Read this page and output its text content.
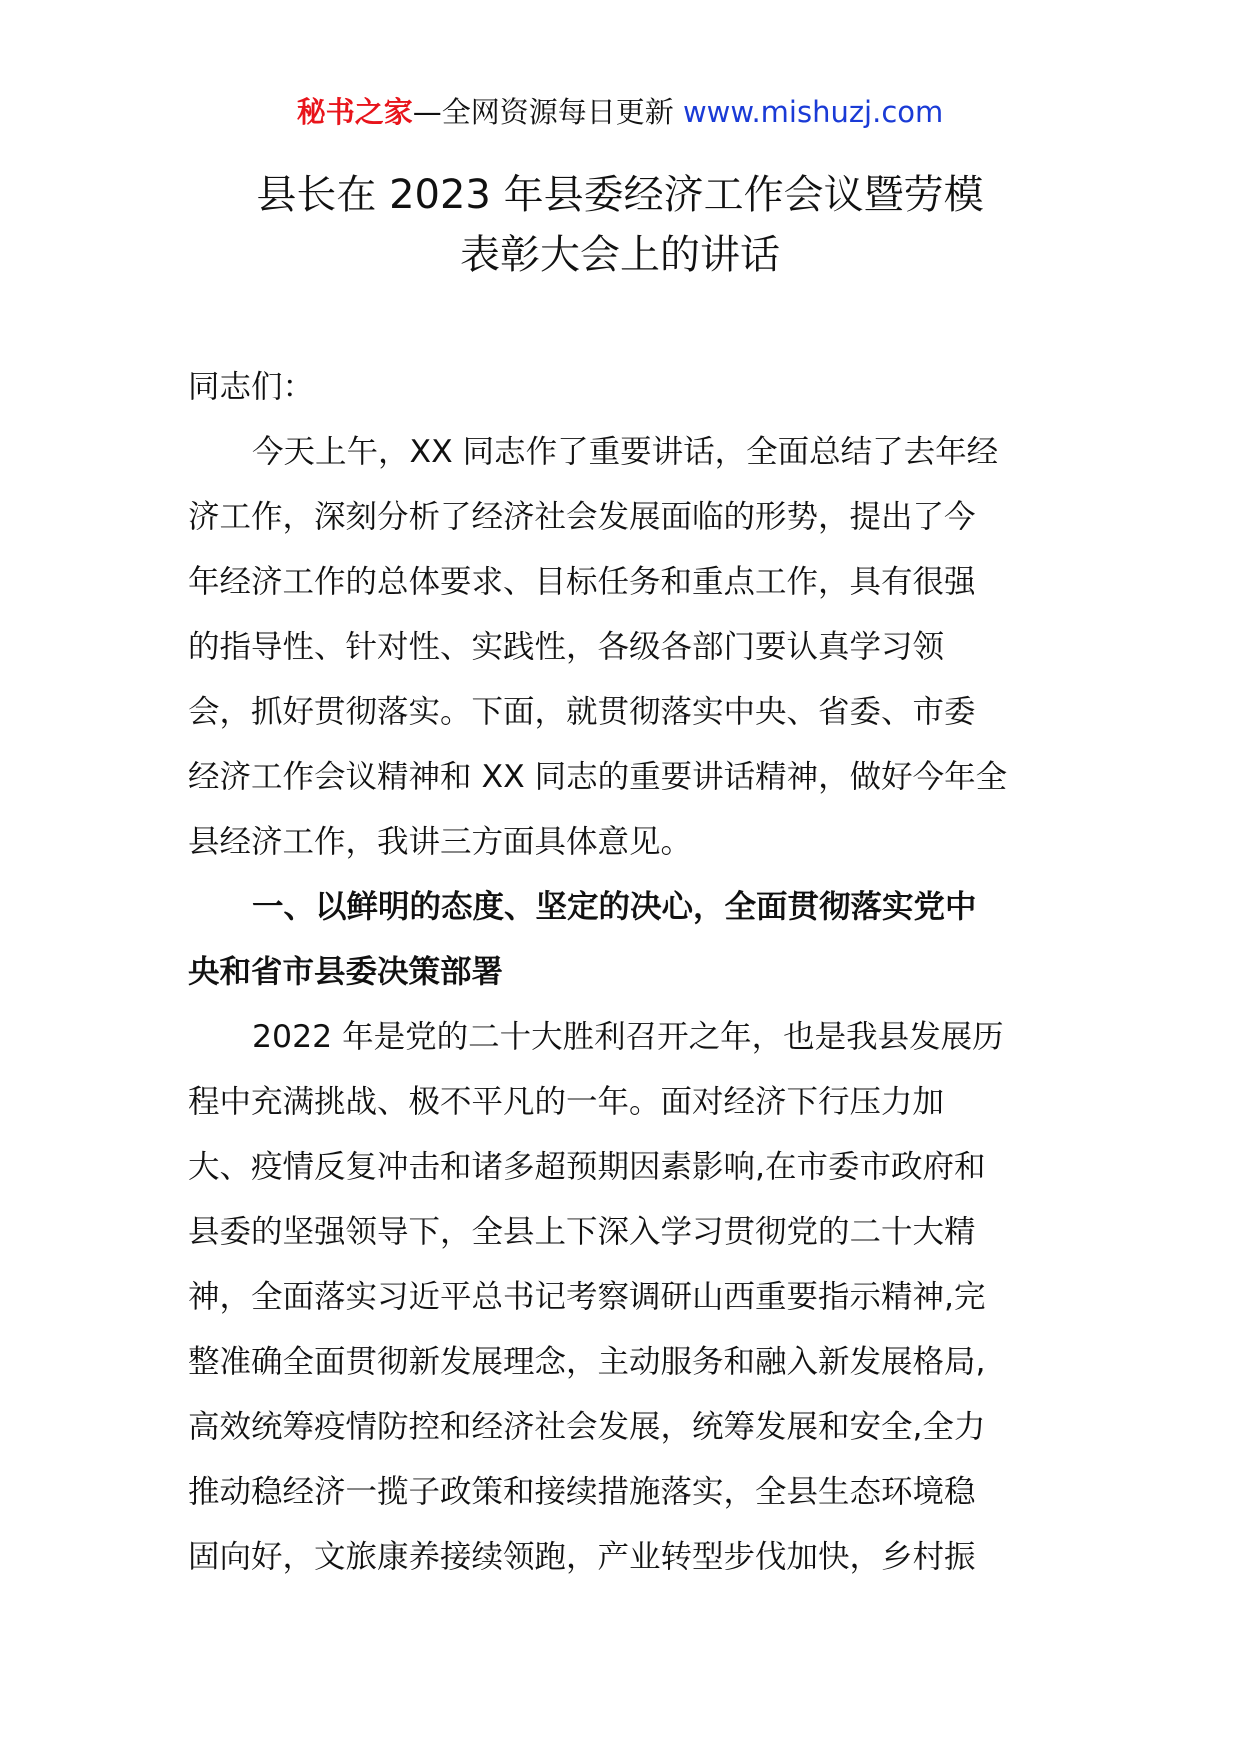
秘书之家—全网资源每日更新 www.mishuzj.com
县长在 2023 年县委经济工作会议暨劳模
表彰大会上的讲话
同志们：
今天上午，XX 同志作了重要讲话，全面总结了去年经
济工作，深刻分析了经济社会发展面临的形势，提出了今
年经济工作的总体要求、目标任务和重点工作，具有很强
的指导性、针对性、实践性，各级各部门要认真学习领
会，抓好贯彻落实。下面，就贯彻落实中央、省委、市委
经济工作会议精神和 XX 同志的重要讲话精神，做好今年全
县经济工作，我讲三方面具体意见。
一、以鲜明的态度、坚定的决心，全面贯彻落实党中
央和省市县委决策部署
2022 年是党的二十大胜利召开之年，也是我县发展历
程中充满挑战、极不平凡的一年。面对经济下行压力加
大、疫情反复冲击和诸多超预期因素影响,在市委市政府和
县委的坚强领导下，全县上下深入学习贯彻党的二十大精
神，全面落实习近平总书记考察调研山西重要指示精神,完
整准确全面贯彻新发展理念，主动服务和融入新发展格局,
高效统筹疫情防控和经济社会发展，统筹发展和安全,全力
推动稳经济一揽子政策和接续措施落实，全县生态环境稳
固向好，文旅康养接续领跑，产业转型步伐加快，乡村振
